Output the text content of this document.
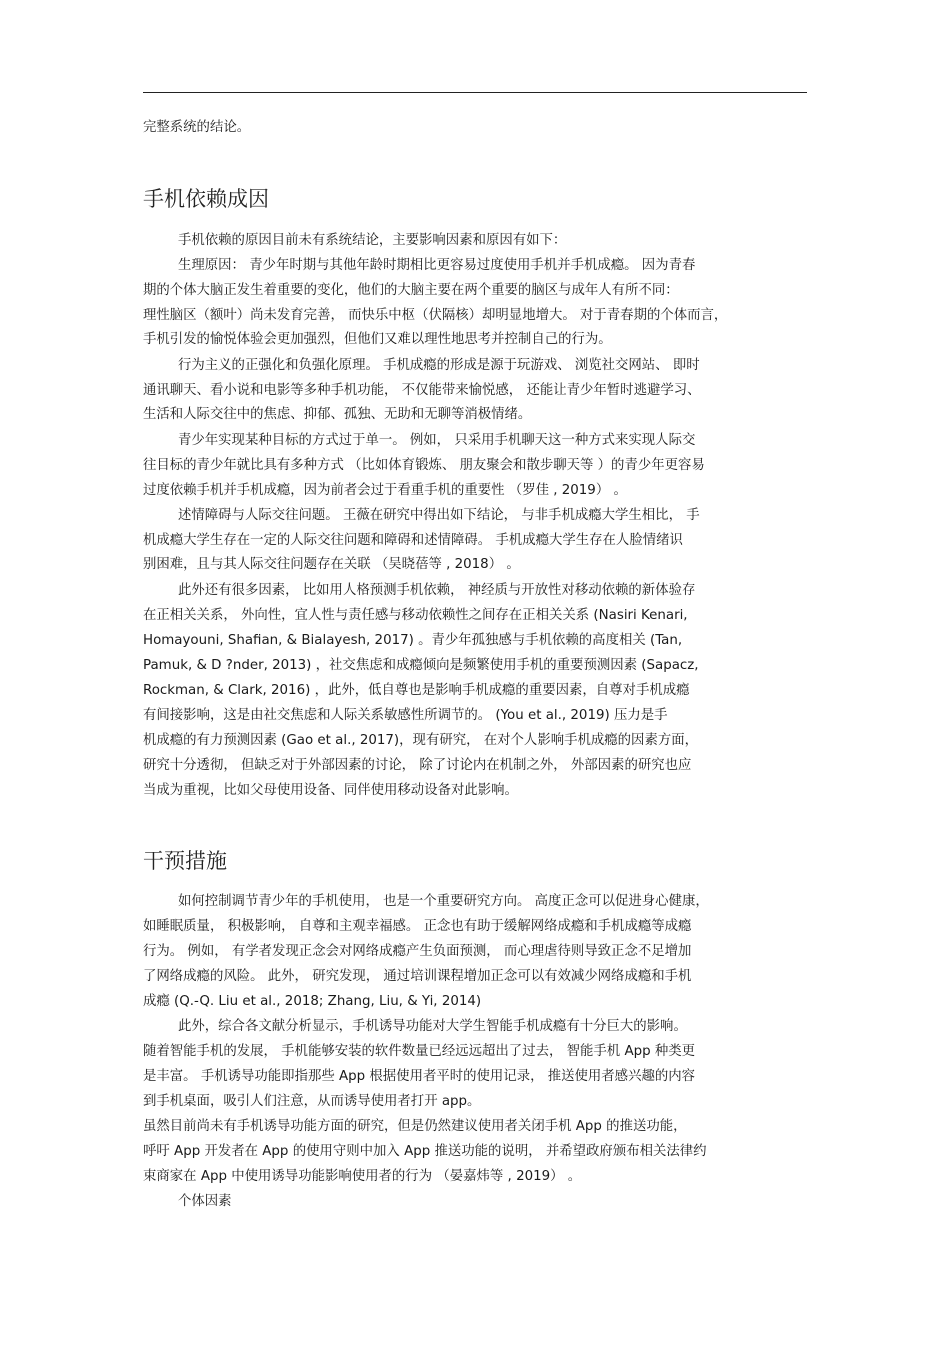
完整系统的结论。
手机依赖成因
手机依赖的原因目前未有系统结论，主要影响因素和原因有如下：
生理原因： 青少年时期与其他年龄时期相比更容易过度使用手机并手机成瘾。 因为青春
期的个体大脑正发生着重要的变化，他们的大脑主要在两个重要的脑区与成年人有所不同：
理性脑区（额叶）尚未发育完善， 而快乐中枢（伏隔核）却明显地增大。 对于青春期的个体而言，
手机引发的愉悦体验会更加强烈，但他们又难以理性地思考并控制自己的行为。
行为主义的正强化和负强化原理。 手机成瘾的形成是源于玩游戏、 浏览社交网站、 即时
通讯聊天、看小说和电影等多种手机功能， 不仅能带来愉悦感， 还能让青少年暂时逃避学习、
生活和人际交往中的焦虑、抑郁、孤独、无助和无聊等消极情绪。
青少年实现某种目标的方式过于单一。 例如， 只采用手机聊天这一种方式来实现人际交
往目标的青少年就比具有多种方式 （比如体育锻炼、 朋友聚会和散步聊天等 ）的青少年更容易
过度依赖手机并手机成瘾，因为前者会过于看重手机的重要性 （罗佳 , 2019） 。
述情障碍与人际交往问题。 王薇在研究中得出如下结论， 与非手机成瘾大学生相比， 手
机成瘾大学生存在一定的人际交往问题和障碍和述情障碍。 手机成瘾大学生存在人脸情绪识
别困难，且与其人际交往问题存在关联 （吴晓蓓等 , 2018） 。
此外还有很多因素， 比如用人格预测手机依赖， 神经质与开放性对移动依赖的新体验存
在正相关关系， 外向性，宜人性与责任感与移动依赖性之间存在正相关关系 (Nasiri Kenari,
Homayouni, Shafian, & Bialayesh, 2017) 。青少年孤独感与手机依赖的高度相关 (Tan,
Pamuk, & D ?nder, 2013) ，社交焦虑和成瘾倾向是频繁使用手机的重要预测因素 (Sapacz,
Rockman, & Clark, 2016) ，此外，低自尊也是影响手机成瘾的重要因素，自尊对手机成瘾
有间接影响，这是由社交焦虑和人际关系敏感性所调节的。 (You et al., 2019) 压力是手
机成瘾的有力预测因素 (Gao et al., 2017)，现有研究， 在对个人影响手机成瘾的因素方面，
研究十分透彻， 但缺乏对于外部因素的讨论， 除了讨论内在机制之外， 外部因素的研究也应
当成为重视，比如父母使用设备、同伴使用移动设备对此影响。
干预措施
如何控制调节青少年的手机使用， 也是一个重要研究方向。 高度正念可以促进身心健康，
如睡眠质量， 积极影响， 自尊和主观幸福感。 正念也有助于缓解网络成瘾和手机成瘾等成瘾
行为。 例如， 有学者发现正念会对网络成瘾产生负面预测， 而心理虐待则导致正念不足增加
了网络成瘾的风险。 此外， 研究发现， 通过培训课程增加正念可以有效减少网络成瘾和手机
成瘾 (Q.-Q. Liu et al., 2018; Zhang, Liu, & Yi, 2014)
此外，综合各文献分析显示，手机诱导功能对大学生智能手机成瘾有十分巨大的影响。
随着智能手机的发展， 手机能够安装的软件数量已经远远超出了过去， 智能手机 App 种类更
是丰富。 手机诱导功能即指那些 App 根据使用者平时的使用记录， 推送使用者感兴趣的内容
到手机桌面，吸引人们注意，从而诱导使用者打开 app。
虽然目前尚未有手机诱导功能方面的研究，但是仍然建议使用者关闭手机 App 的推送功能，
呼吁 App 开发者在 App 的使用守则中加入 App 推送功能的说明， 并希望政府颁布相关法律约
束商家在 App 中使用诱导功能影响使用者的行为 （晏嘉炜等 , 2019） 。
个体因素
